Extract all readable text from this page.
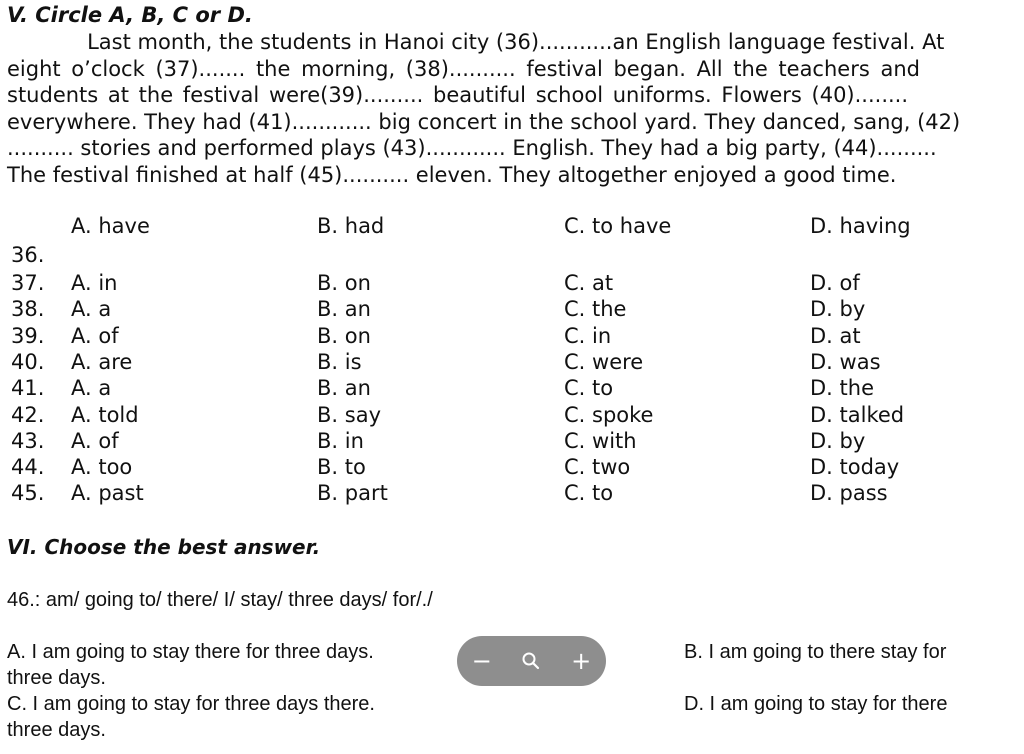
V. Circle A, B, C or D.
Last month, the students in Hanoi city (36)...........an English language festival. At
eight o’clock (37)....... the morning, (38).......... festival began. All the teachers and
students at the festival were(39)......... beautiful school uniforms. Flowers (40)........
everywhere. They had (41)............ big concert in the school yard. They danced, sang, (42)
.......... stories and performed plays (43)............ English. They had a big party, (44).........
The festival finished at half (45).......... eleven. They altogether enjoyed a good time.
A. have	B. had	C. to have	D. having
36.
37. A. in	B. on	C. at	D. of
38. A. a	B. an	C. the	D. by
39. A. of	B. on	C. in	D. at
40. A. are	B. is	C. were	D. was
41. A. a	B. an	C. to	D. the
42. A. told	B. say	C. spoke	D. talked
43. A. of	B. in	C. with	D. by
44. A. too	B. to	C. two	D. today
45. A. past	B. part	C. to	D. pass
VI. Choose the best answer.
46.: am/ going to/ there/ I/ stay/ three days/ for/./
A. I am going to stay there for three days.
three days.
B. I am going to there stay for
C. I am going to stay for three days there.
three days.
D. I am going to stay for there
−	+
